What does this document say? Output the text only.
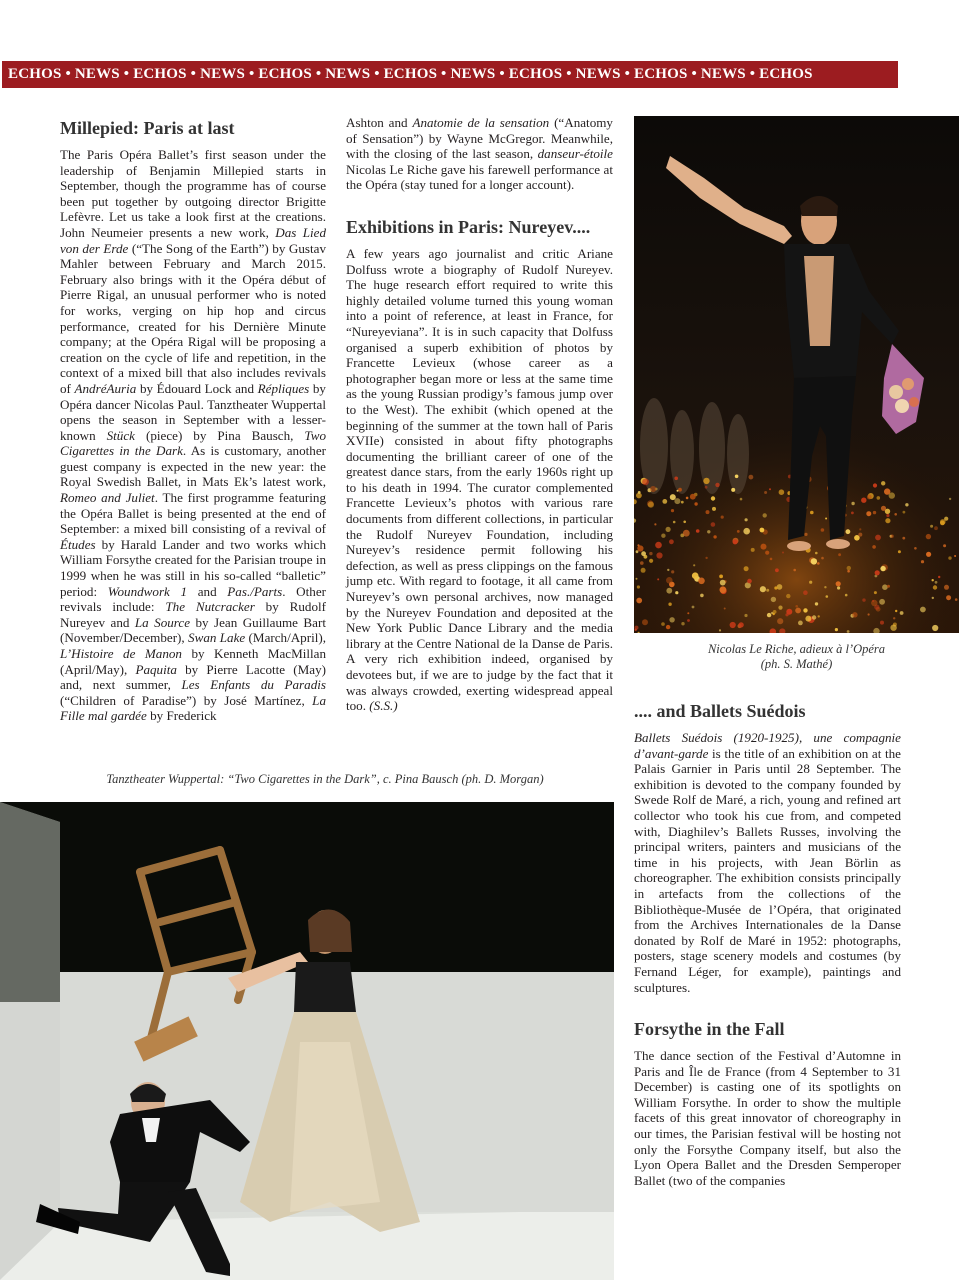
ECHOS • NEWS • ECHOS • NEWS • ECHOS • NEWS • ECHOS • NEWS • ECHOS • NEWS • ECHOS • NEWS • ECHOS
Millepied: Paris at last

The Paris Opéra Ballet’s first season under the leadership of Benjamin Millepied starts in September, though the programme has of course been put together by outgoing director Brigitte Lefèvre. Let us take a look first at the creations. John Neumeier presents a new work, Das Lied von der Erde (“The Song of the Earth”) by Gustav Mahler between February and March 2015. February also brings with it the Opéra début of Pierre Rigal, an unusual performer who is noted for works, verging on hip hop and circus performance, created for his Dernière Minute company; at the Opéra Rigal will be proposing a creation on the cycle of life and repetition, in the context of a mixed bill that also includes revivals of AndréAuria by Édouard Lock and Répliques by Opéra dancer Nicolas Paul. Tanztheater Wuppertal opens the season in September with a lesser-known Stück (piece) by Pina Bausch, Two Cigarettes in the Dark. As is customary, another guest company is expected in the new year: the Royal Swedish Ballet, in Mats Ek’s latest work, Romeo and Juliet. The first programme featuring the Opéra Ballet is being presented at the end of September: a mixed bill consisting of a revival of Études by Harald Lander and two works which William Forsythe created for the Parisian troupe in 1999 when he was still in his so-called “balletic” period: Woundwork 1 and Pas./Parts. Other revivals include: The Nutcracker by Rudolf Nureyev and La Source by Jean Guillaume Bart (November/December), Swan Lake (March/April), L’Histoire de Manon by Kenneth MacMillan (April/May), Paquita by Pierre Lacotte (May) and, next summer, Les Enfants du Paradis (“Children of Paradise”) by José Martínez, La Fille mal gardée by Frederick

Ashton and Anatomie de la sensation (“Anatomy of Sensation”) by Wayne McGregor. Meanwhile, with the closing of the last season, danseur-étoile Nicolas Le Riche gave his farewell performance at the Opéra (stay tuned for a longer account).

Exhibitions in Paris: Nureyev....

A few years ago journalist and critic Ariane Dolfuss wrote a biography of Rudolf Nureyev. The huge research effort required to write this highly detailed volume turned this young woman into a point of reference, at least in France, for “Nureyeviana”. It is in such capacity that Dolfuss organised a superb exhibition of photos by Francette Levieux (whose career as a photographer began more or less at the same time as the young Russian prodigy’s famous jump over to the West). The exhibit (which opened at the beginning of the summer at the town hall of Paris XVIIe) consisted in about fifty photographs documenting the brilliant career of one of the greatest dance stars, from the early 1960s right up to his death in 1994. The curator complemented Francette Levieux’s photos with various rare documents from different collections, in particular the Rudolf Nureyev Foundation, including Nureyev’s residence permit following his defection, as well as press clippings on the famous jump etc. With regard to footage, it all came from Nureyev’s own personal archives, now managed by the Nureyev Foundation and deposited at the New York Public Dance Library and the media library at the Centre National de la Danse de Paris. A very rich exhibition indeed, organised by devotees but, if we are to judge by the fact that it was always crowded, exerting widespread appeal too. (S.S.)

Nicolas Le Riche, adieux à l’Opéra
(ph. S. Mathé)
.... and Ballets Suédois

Ballets Suédois (1920-1925), une compagnie d’avant-garde is the title of an exhibition on at the Palais Garnier in Paris until 28 September. The exhibition is devoted to the company founded by Swede Rolf de Maré, a rich, young and refined art collector who took his cue from, and competed with, Diaghilev’s Ballets Russes, involving the principal writers, painters and musicians of the time in his projects, with Jean Börlin as choreographer. The exhibition consists principally in artefacts from the collections of the Bibliothèque-Musée de l’Opéra, that originated from the Archives Internationales de la Danse donated by Rolf de Maré in 1952: photographs, posters, stage scenery models and costumes (by Fernand Léger, for example), paintings and sculptures.

Forsythe in the Fall

The dance section of the Festival d’Automne in Paris and Île de France (from 4 September to 31 December) is casting one of its spotlights on William Forsythe. In order to show the multiple facets of this great innovator of choreography in our times, the Parisian festival will be hosting not only the Forsythe Company itself, but also the Lyon Opera Ballet and the Dresden Semperoper Ballet (two of the companies

Tanztheater Wuppertal: “Two Cigarettes in the Dark”, c. Pina Bausch (ph. D. Morgan)
